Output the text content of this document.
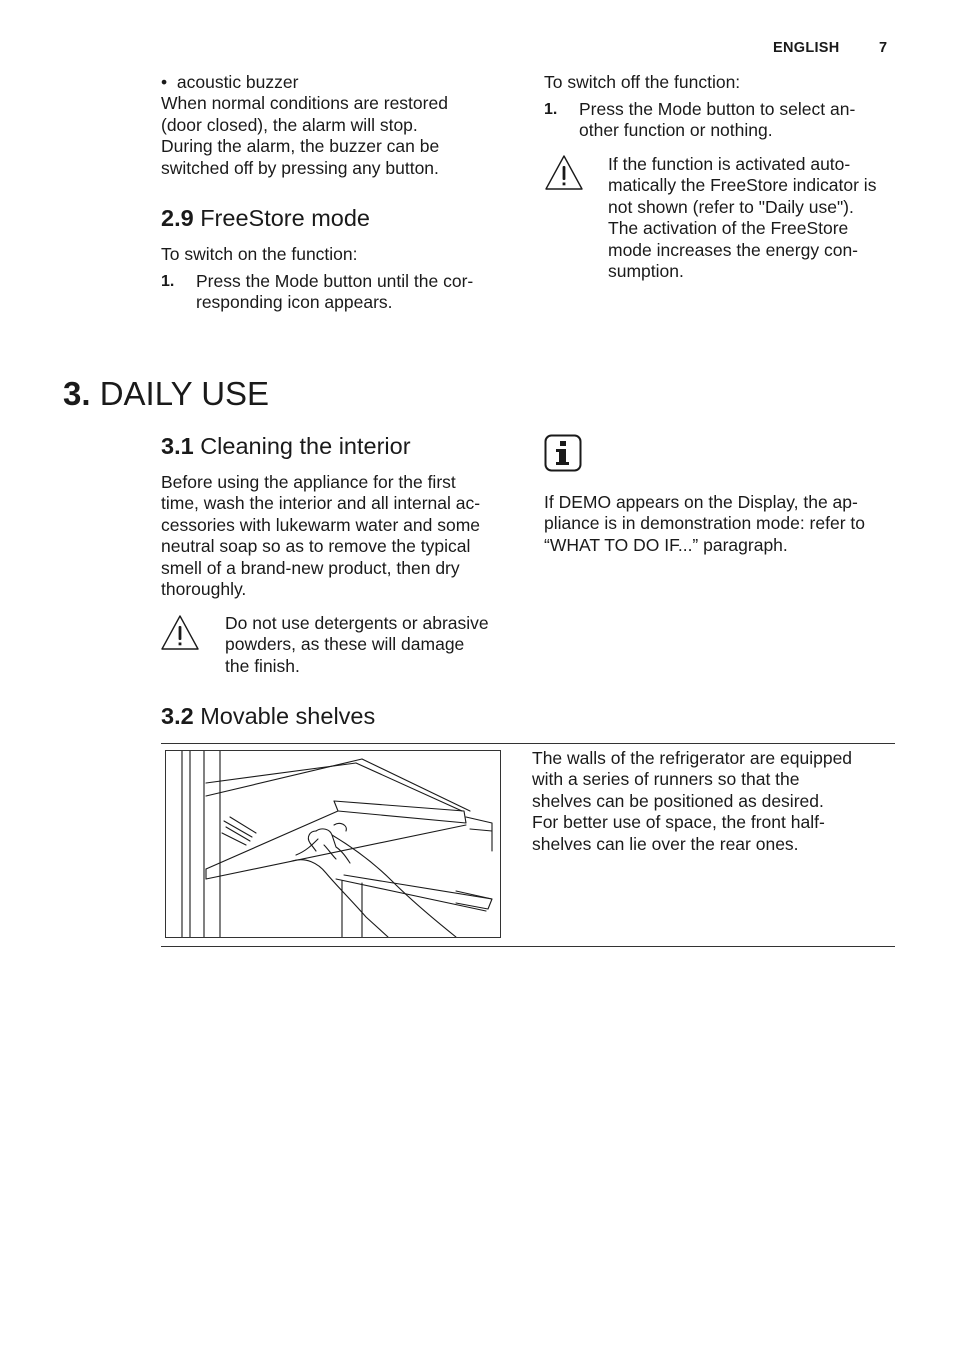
ENGLISH	7
• acoustic buzzer
When normal conditions are restored
(door closed), the alarm will stop.
During the alarm, the buzzer can be
switched off by pressing any button.
2.9 FreeStore mode
To switch on the function:
1. Press the Mode button until the cor-
responding icon appears.
To switch off the function:
1. Press the Mode button to select an-
other function or nothing.
If the function is activated auto-
matically the FreeStore indicator is
not shown (refer to "Daily use").
The activation of the FreeStore
mode increases the energy con-
sumption.
3. DAILY USE
3.1 Cleaning the interior
Before using the appliance for the first
time, wash the interior and all internal ac-
cessories with lukewarm water and some
neutral soap so as to remove the typical
smell of a brand-new product, then dry
thoroughly.
Do not use detergents or abrasive
powders, as these will damage
the finish.
If DEMO appears on the Display, the ap-
pliance is in demonstration mode: refer to
“WHAT TO DO IF...” paragraph.
3.2 Movable shelves
The walls of the refrigerator are equipped
with a series of runners so that the
shelves can be positioned as desired.
For better use of space, the front half-
shelves can lie over the rear ones.
